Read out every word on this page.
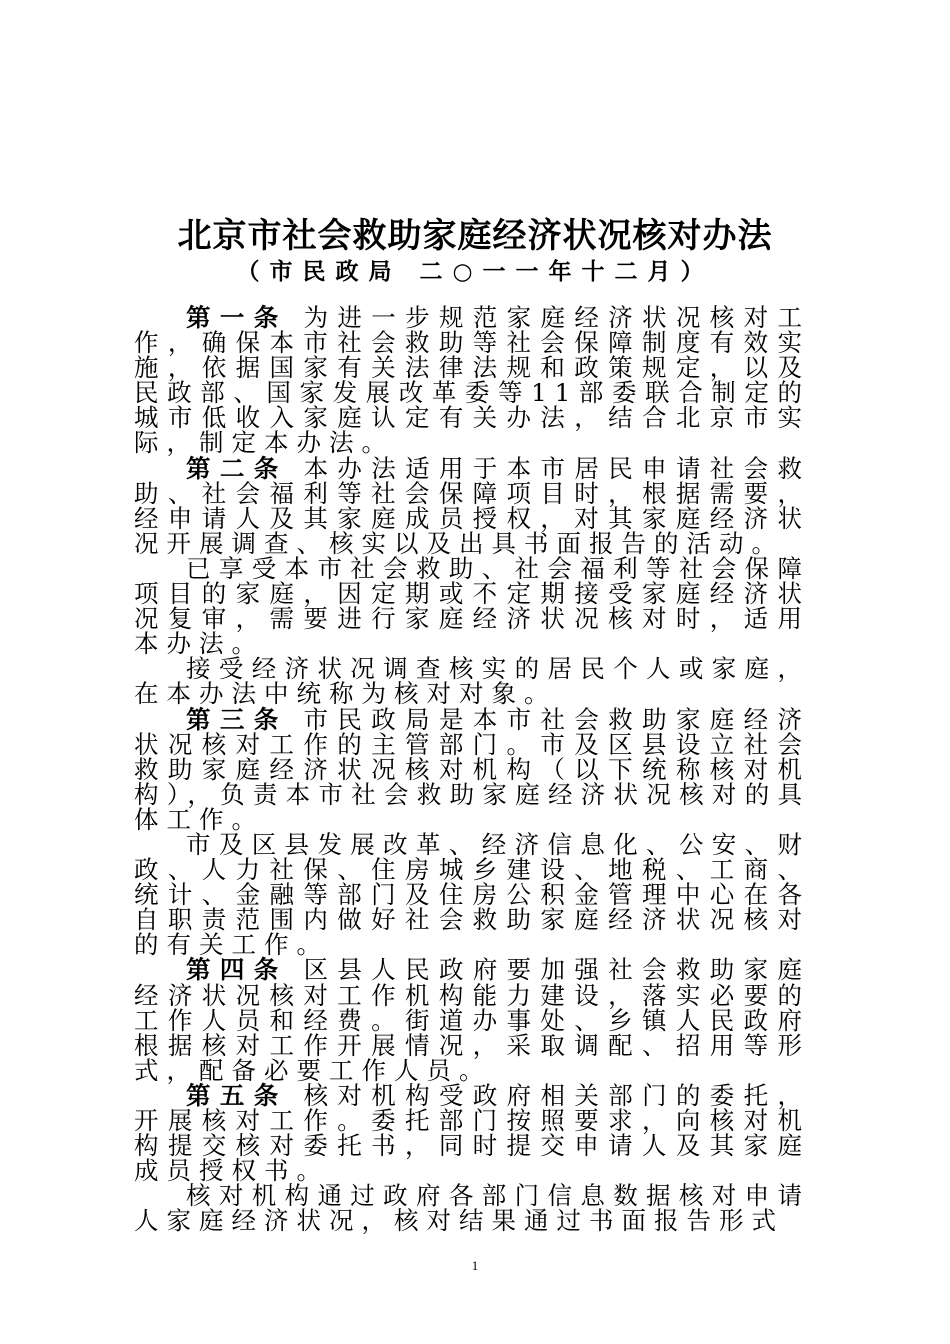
北京市社会救助家庭经济状况核对办法
（市民政局 二○一一年十二月）

第一条 为进一步规范家庭经济状况核对工作，确保本市社会救助等社会保障制度有效实施，依据国家有关法律法规和政策规定，以及民政部、国家发展改革委等11部委联合制定的城市低收入家庭认定有关办法，结合北京市实际，制定本办法。

第二条 本办法适用于本市居民申请社会救助、社会福利等社会保障项目时，根据需要，经申请人及其家庭成员授权，对其家庭经济状况开展调查、核实以及出具书面报告的活动。

已享受本市社会救助、社会福利等社会保障项目的家庭，因定期或不定期接受家庭经济状况复审，需要进行家庭经济状况核对时，适用本办法。

接受经济状况调查核实的居民个人或家庭，在本办法中统称为核对对象。

第三条 市民政局是本市社会救助家庭经济状况核对工作的主管部门。市及区县设立社会救助家庭经济状况核对机构（以下统称核对机构），负责本市社会救助家庭经济状况核对的具体工作。

市及区县发展改革、经济信息化、公安、财政、人力社保、住房城乡建设、地税、工商、统计、金融等部门及住房公积金管理中心在各自职责范围内做好社会救助家庭经济状况核对的有关工作。

第四条 区县人民政府要加强社会救助家庭经济状况核对工作机构能力建设，落实必要的工作人员和经费。街道办事处、乡镇人民政府根据核对工作开展情况，采取调配、招用等形式，配备必要工作人员。

第五条 核对机构受政府相关部门的委托，开展核对工作。委托部门按照要求，向核对机构提交核对委托书，同时提交申请人及其家庭成员授权书。

核对机构通过政府各部门信息数据核对申请人家庭经济状况，核对结果通过书面报告形式

1
